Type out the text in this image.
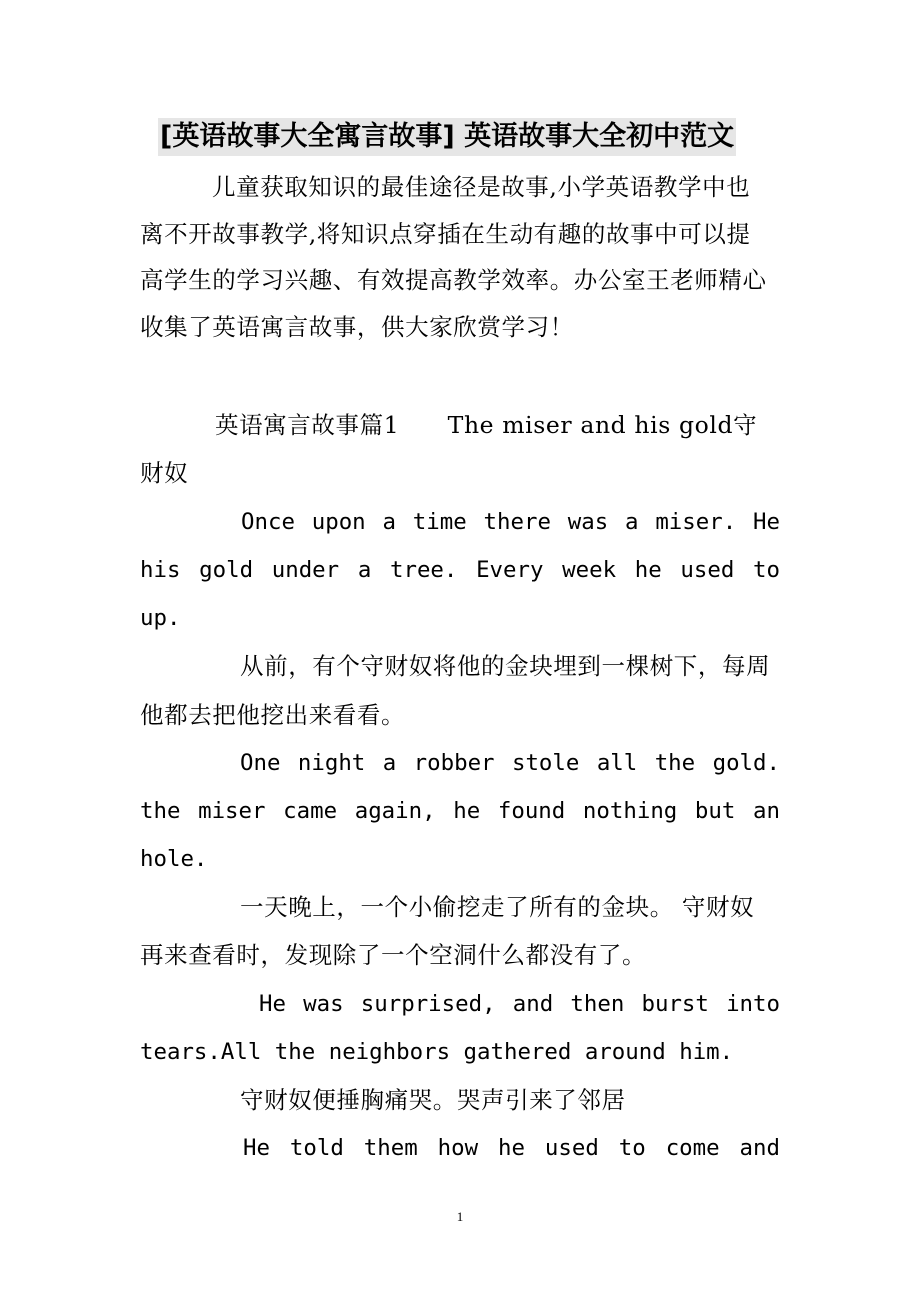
[英语故事大全寓言故事] 英语故事大全初中范文
儿童获取知识的最佳途径是故事,小学英语教学中也
离不开故事教学,将知识点穿插在生动有趣的故事中可以提
高学生的学习兴趣、有效提高教学效率。办公室王老师精心
收集了英语寓言故事，供大家欣赏学习！
英语寓言故事篇1      The miser and his gold守
财奴
Once upon a time there was a miser. He
his gold under a tree. Every week he used to
up.
从前，有个守财奴将他的金块埋到一棵树下，每周
他都去把他挖出来看看。
One night a robber stole all the gold.
the miser came again, he found nothing but an
hole.
一天晚上，一个小偷挖走了所有的金块。 守财奴
再来查看时，发现除了一个空洞什么都没有了。
He was surprised, and then burst into
tears.All the neighbors gathered around him.
守财奴便捶胸痛哭。哭声引来了邻居
He told them how he used to come and
1
